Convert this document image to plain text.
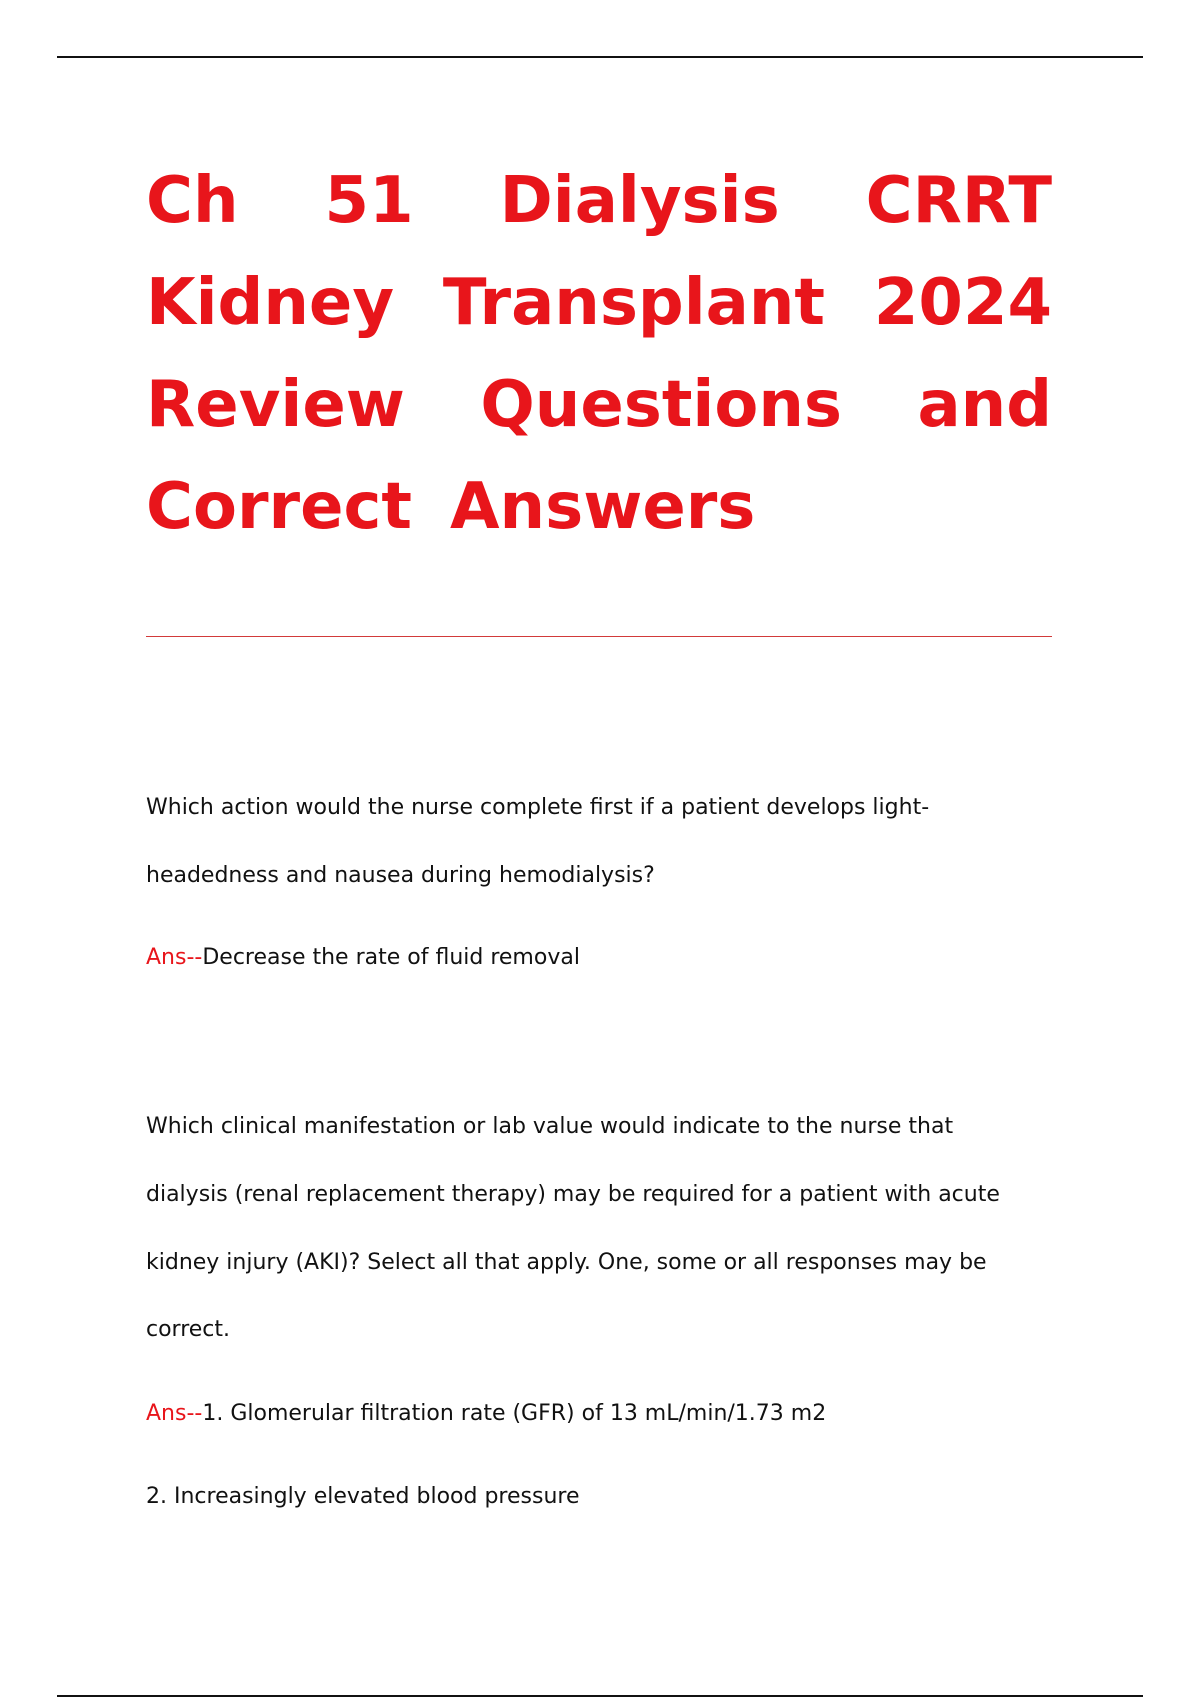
Ch 51 Dialysis CRRT
Kidney Transplant 2024
Review Questions and
Correct Answers
Which action would the nurse complete first if a patient develops light-
headedness and nausea during hemodialysis?
Ans--Decrease the rate of fluid removal
Which clinical manifestation or lab value would indicate to the nurse that
dialysis (renal replacement therapy) may be required for a patient with acute
kidney injury (AKI)? Select all that apply. One, some or all responses may be
correct.
Ans--1. Glomerular filtration rate (GFR) of 13 mL/min/1.73 m2
2. Increasingly elevated blood pressure
